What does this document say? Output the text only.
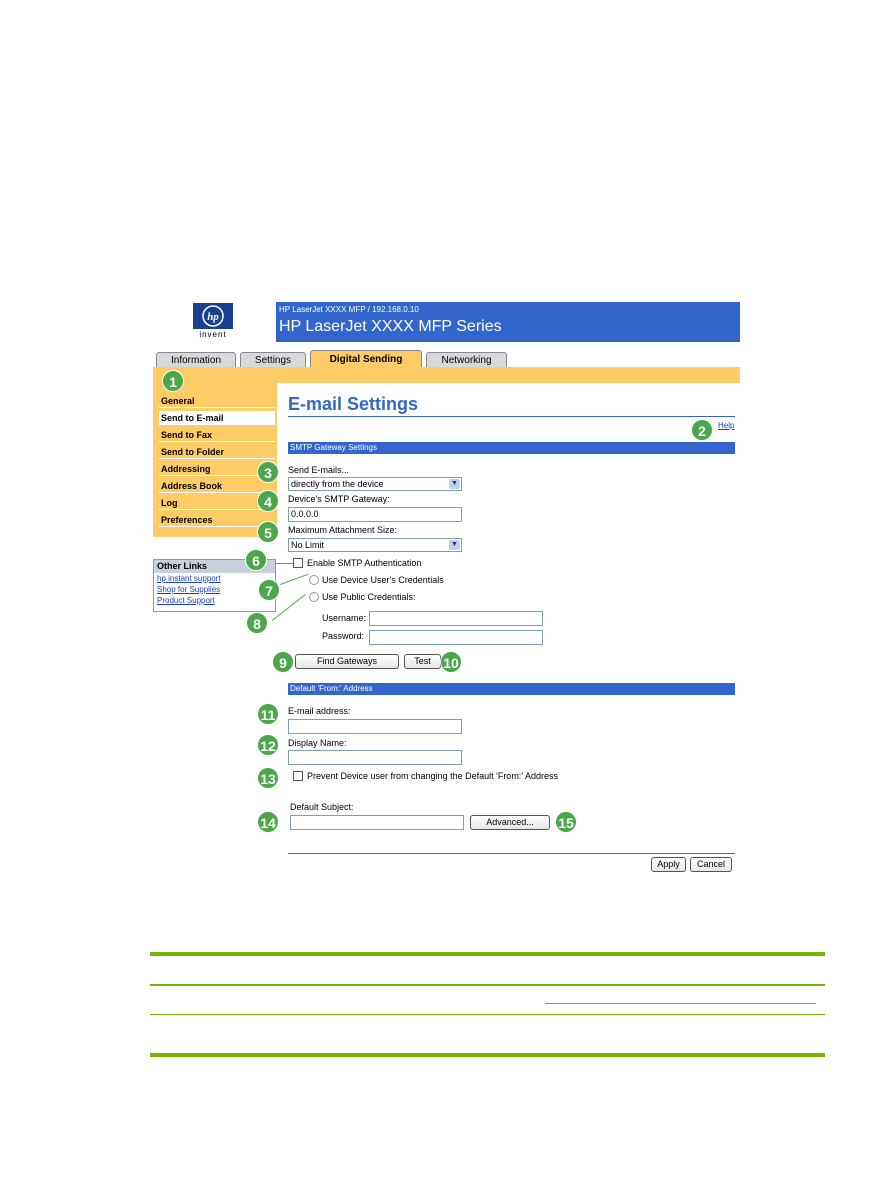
hp
invent
HP LaserJet XXXX MFP / 192.168.0.10
HP LaserJet XXXX MFP Series
Information	Settings	Digital Sending	Networking
General
Send to E-mail
Send to Fax
Send to Folder
Addressing
Address Book
Log
Preferences
Other Links
hp instant support
Shop for Supplies
Product Support
E-mail Settings
Help
SMTP Gateway Settings
Send E-mails...
directly from the device	▼
Device's SMTP Gateway:
0.0.0.0
Maximum Attachment Size:
No Limit	▼
Enable SMTP Authentication
Use Device User's Credentials
Use Public Credentials:
Username:
Password:
Find Gateways	Test
Default 'From:' Address
E-mail address:
Display Name:
Prevent Device user from changing the Default 'From:' Address
Default Subject:
Advanced...
Apply	Cancel
1
2
3
4
5
6
7
8
9	10
11
12
13
14	15
